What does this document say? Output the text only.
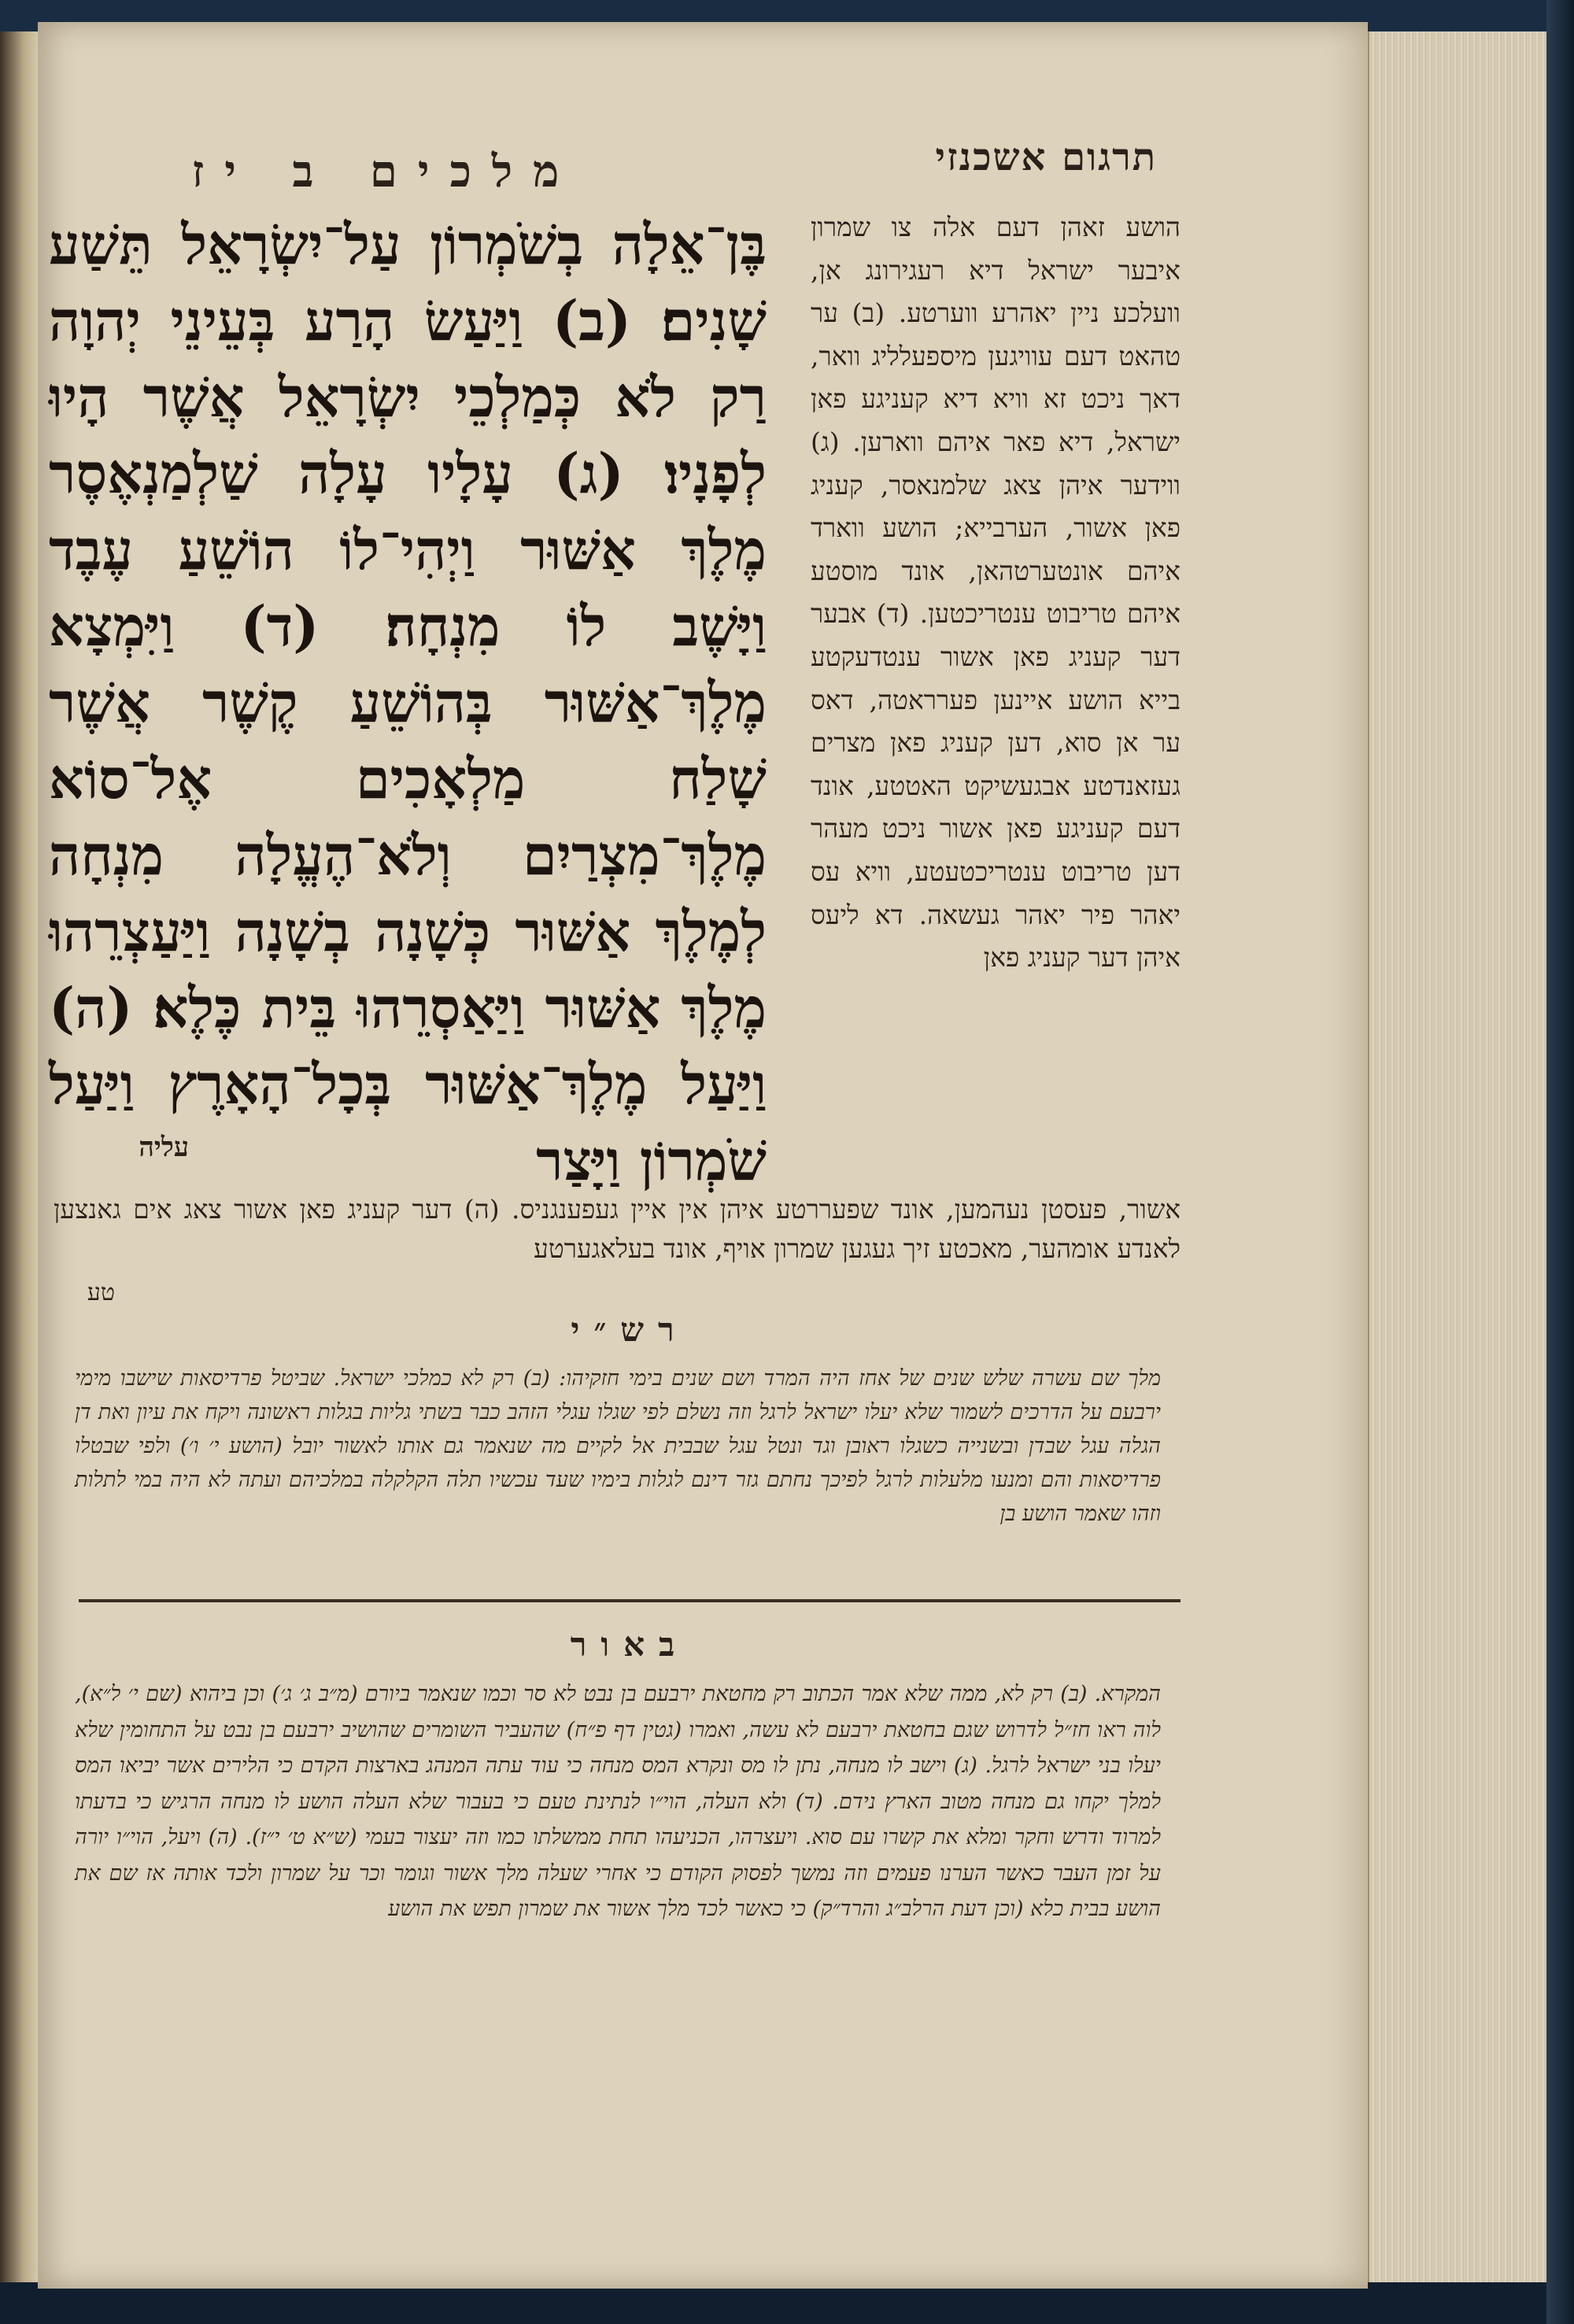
תרגום אשכנזי
מלכים ב יז
בֶּן־אֵלָה בְשֹׁמְרוֹן עַל־יִשְׂרָאֵל תֵּשַׁע שָׁנִים׃ (ב) וַיַּעַשׂ הָרַע בְּעֵינֵי יְהוָה רַק לֹא כְּמַלְכֵי יִשְׂרָאֵל אֲשֶׁר הָיוּ לְפָנָיו׃ (ג) עָלָיו עָלָה שַׁלְמַנְאֶסֶר מֶלֶךְ אַשּׁוּר וַיְהִי־לוֹ הוֹשֵׁעַ עֶבֶד וַיָּשֶׁב לוֹ מִנְחָה׃ (ד) וַיִּמְצָא מֶלֶךְ־אַשּׁוּר בְּהוֹשֵׁעַ קֶשֶׁר אֲשֶׁר שָׁלַח מַלְאָכִים אֶל־סוֹא מֶלֶךְ־מִצְרַיִם וְלֹא־הֶעֱלָה מִנְחָה לְמֶלֶךְ אַשּׁוּר כְּשָׁנָה בְשָׁנָה וַיַּעַצְרֵהוּ מֶלֶךְ אַשּׁוּר וַיַּאַסְרֵהוּ בֵּית כֶּלֶא׃ (ה) וַיַּעַל מֶלֶךְ־אַשּׁוּר בְּכָל־הָאָרֶץ וַיַּעַל שֹׁמְרוֹן וַיָּצַר
עליה
הושע זאהן דעם אלה צו שמרון איבער ישראל דיא רעגירונג אן, וועלכע ניין יאהרע ווערטע. (ב) ער טהאט דעם עוויגען מיספעלליג וואר, דאך ניכט זא וויא דיא קעניגע פאן ישראל, דיא פאר איהם ווארען. (ג) ווידער איהן צאג שלמנאסר, קעניג פאן אשור, הערבייא; הושע ווארד איהם אונטערטהאן, אונד מוסטע איהם טריבוט ענטריכטען. (ד) אבער דער קעניג פאן אשור ענטדעקטע בייא הושע איינען פערראטה, דאס ער אן סוא, דען קעניג פאן מצרים געזאנדטע אבגעשיקט האטטע, אונד דעם קעניגע פאן אשור ניכט מעהר דען טריבוט ענטריכטעטע, וויא עס יאהר פיר יאהר געשאה. דא ליעס איהן דער קעניג פאן
אשור, פעסטן נעהמען, אונד שפעררטע איהן אין איין געפענגניס. (ה) דער קעניג פאן אשור צאג אים גאנצען לאנדע אומהער, מאכטע זיך געגען שמרון אויף, אונד בעלאגערטע
טע
רש״י
מלך שם עשרה שלש שנים של אחז היה המרד ושם שנים בימי חזקיהו: (ב) רק לא כמלכי ישראל. שביטל פרדיסאות שישבו מימי ירבעם על הדרכים לשמור שלא יעלו ישראל לרגל וזה נשלם לפי שגלו עגלי הזהב כבר בשתי גליות בגלות ראשונה ויקח את עיון ואת דן הגלה עגל שבדן ובשנייה כשגלו ראובן וגד ונטל עגל שבבית אל לקיים מה שנאמר גם אותו לאשור יובל (הושע י׳ ו׳) ולפי שבטלו פרדיסאות והם ומנעו מלעלות לרגל לפיכך נחתם גזר דינם לגלות בימיו שעד עכשיו תלה הקלקלה במלכיהם ועתה לא היה במי לתלות וזהו שאמר הושע בן
באור
המקרא. (ב) רק לא, ממה שלא אמר הכתוב רק מחטאת ירבעם בן נבט לא סר וכמו שנאמר ביורם (מ״ב ג׳ ג׳) וכן ביהוא (שם י׳ ל״א), לוה ראו חז״ל לדרוש שגם בחטאת ירבעם לא עשה, ואמרו (גטין דף פ״ח) שהעביר השומרים שהושיב ירבעם בן נבט על התחומין שלא יעלו בני ישראל לרגל. (ג) וישב לו מנחה, נתן לו מס ונקרא המס מנחה כי עוד עתה המנהג בארצות הקדם כי הלירים אשר יביאו המס למלך יקחו גם מנחה מטוב הארץ נידם. (ד) ולא העלה, הוי״ו לנתינת טעם כי בעבור שלא העלה הושע לו מנחה הרגיש כי בדעתו למרוד ודרש וחקר ומלא את קשרו עם סוא. ויעצרהו, הכניעהו תחת ממשלתו כמו וזה יעצור בעמי (ש״א ט׳ י״ז). (ה) ויעל, הוי״ו יורה על זמן העבר כאשר הערנו פעמים וזה נמשך לפסוק הקודם כי אחרי שעלה מלך אשור וגומר וכר על שמרון ולכד אותה אז שם את הושע בבית כלא (וכן דעת הרלב״ג והרד״ק) כי כאשר לכד מלך אשור את שמרון תפש את הושע
